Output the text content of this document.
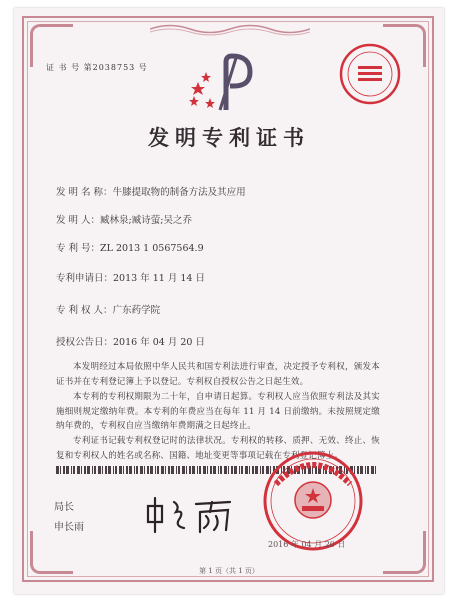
证 书 号 第2038753 号
发明专利证书
发 明 名 称：牛膝提取物的制备方法及其应用
发 明 人：臧林泉;臧诗萤;吴之乔
专 利 号：ZL 2013 1 0567564.9
专利申请日：2013 年 11 月 14 日
专 利 权 人：广东药学院
授权公告日：2016 年 04 月 20 日
本发明经过本局依照中华人民共和国专利法进行审查，决定授予专利权，颁发本证书并在专利登记簿上予以登记。专利权自授权公告之日起生效。
本专利的专利权期限为二十年，自申请日起算。专利权人应当依照专利法及其实施细则规定缴纳年费。本专利的年费应当在每年 11 月 14 日前缴纳。未按照规定缴纳年费的，专利权自应当缴纳年费期满之日起终止。
专利证书记载专利权登记时的法律状况。专利权的转移、质押、无效、终止、恢复和专利权人的姓名或名称、国籍、地址变更等事项记载在专利登记簿上。
局长
申长雨
2016 年 04 月 20 日
第 1 页（共 1 页）
